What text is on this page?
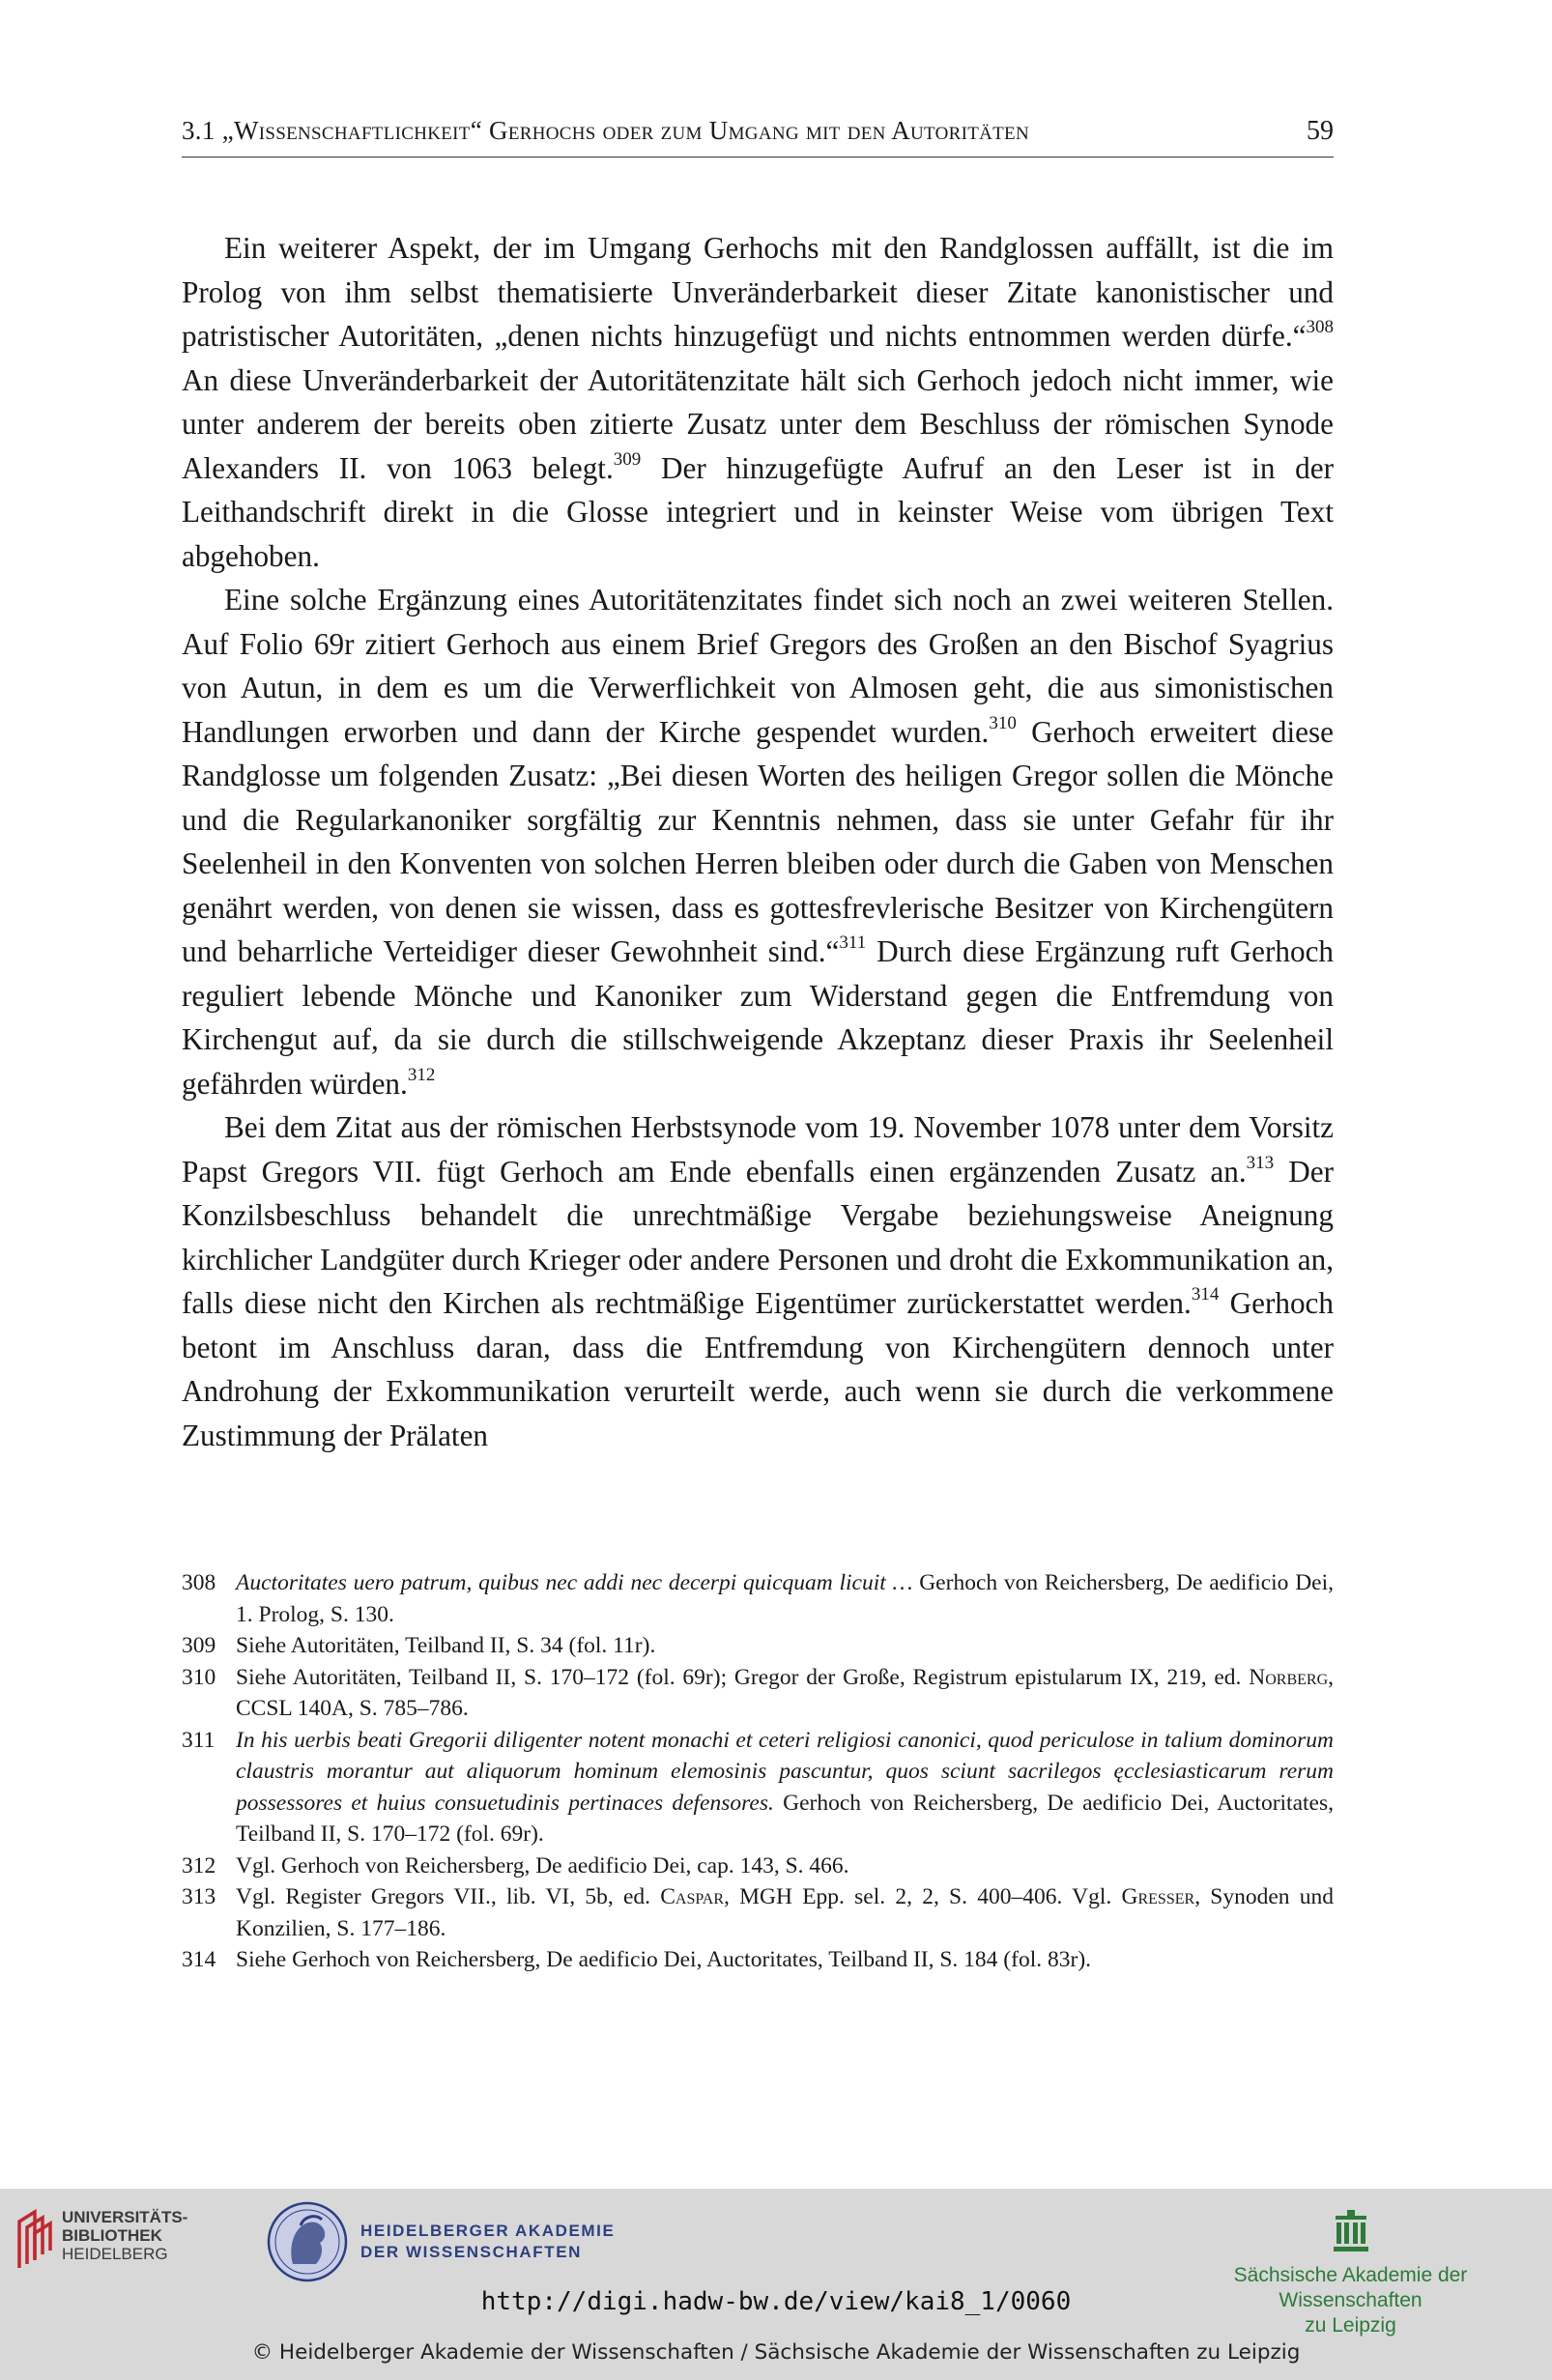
3.1 „Wissenschaftlichkeit“ Gerhochs oder zum Umgang mit den Autoritäten	59

Ein weiterer Aspekt, der im Umgang Gerhochs mit den Randglossen auffällt, ist die im Prolog von ihm selbst thematisierte Unveränderbarkeit dieser Zitate kanonistischer und patristischer Autoritäten, „denen nichts hinzugefügt und nichts entnommen werden dürfe.“$^{308}$ An diese Unveränderbarkeit der Autoritätenzitate hält sich Gerhoch jedoch nicht immer, wie unter anderem der bereits oben zitierte Zusatz unter dem Beschluss der römischen Synode Alexanders II. von 1063 belegt.$^{309}$ Der hinzugefügte Aufruf an den Leser ist in der Leithandschrift direkt in die Glosse integriert und in keinster Weise vom übrigen Text abgehoben.

Eine solche Ergänzung eines Autoritätenzitates findet sich noch an zwei weiteren Stellen. Auf Folio 69r zitiert Gerhoch aus einem Brief Gregors des Großen an den Bischof Syagrius von Autun, in dem es um die Verwerflichkeit von Almosen geht, die aus simonistischen Handlungen erworben und dann der Kirche gespendet wurden.$^{310}$ Gerhoch erweitert diese Randglosse um folgenden Zusatz: „Bei diesen Worten des heiligen Gregor sollen die Mönche und die Regularkanoniker sorgfältig zur Kenntnis nehmen, dass sie unter Gefahr für ihr Seelenheil in den Konventen von solchen Herren bleiben oder durch die Gaben von Menschen genährt werden, von denen sie wissen, dass es gottesfrevlerische Besitzer von Kirchengütern und beharrliche Verteidiger dieser Gewohnheit sind.“$^{311}$ Durch diese Ergänzung ruft Gerhoch reguliert lebende Mönche und Kanoniker zum Widerstand gegen die Entfremdung von Kirchengut auf, da sie durch die stillschweigende Akzeptanz dieser Praxis ihr Seelenheil gefährden würden.$^{312}$

Bei dem Zitat aus der römischen Herbstsynode vom 19. November 1078 unter dem Vorsitz Papst Gregors VII. fügt Gerhoch am Ende ebenfalls einen ergänzenden Zusatz an.$^{313}$ Der Konzilsbeschluss behandelt die unrechtmäßige Vergabe beziehungsweise Aneignung kirchlicher Landgüter durch Krieger oder andere Personen und droht die Exkommunikation an, falls diese nicht den Kirchen als rechtmäßige Eigentümer zurückerstattet werden.$^{314}$ Gerhoch betont im Anschluss daran, dass die Entfremdung von Kirchengütern dennoch unter Androhung der Exkommunikation verurteilt werde, auch wenn sie durch die verkommene Zustimmung der Prälaten

308 Auctoritates uero patrum, quibus nec addi nec decerpi quicquam licuit … Gerhoch von Reichersberg, De aedificio Dei, 1. Prolog, S. 130.
309 Siehe Autoritäten, Teilband II, S. 34 (fol. 11r).
310 Siehe Autoritäten, Teilband II, S. 170–172 (fol. 69r); Gregor der Große, Registrum epistularum IX, 219, ed. Norberg, CCSL 140A, S. 785–786.
311 In his uerbis beati Gregorii diligenter notent monachi et ceteri religiosi canonici, quod periculose in talium dominorum claustris morantur aut aliquorum hominum elemosinis pascuntur, quos sciunt sacrilegos ęcclesiasticarum rerum possessores et huius consuetudinis pertinaces defensores. Gerhoch von Reichersberg, De aedificio Dei, Auctoritates, Teilband II, S. 170–172 (fol. 69r).
312 Vgl. Gerhoch von Reichersberg, De aedificio Dei, cap. 143, S. 466.
313 Vgl. Register Gregors VII., lib. VI, 5b, ed. Caspar, MGH Epp. sel. 2, 2, S. 400–406. Vgl. Gresser, Synoden und Konzilien, S. 177–186.
314 Siehe Gerhoch von Reichersberg, De aedificio Dei, Auctoritates, Teilband II, S. 184 (fol. 83r).
UNIVERSITÄTS-
BIBLIOTHEK
HEIDELBERG
HEIDELBERGER AKADEMIE
DER WISSENSCHAFTEN
Sächsische Akademie der Wissenschaften
zu Leipzig
http://digi.hadw-bw.de/view/kai8_1/0060
© Heidelberger Akademie der Wissenschaften / Sächsische Akademie der Wissenschaften zu Leipzig
